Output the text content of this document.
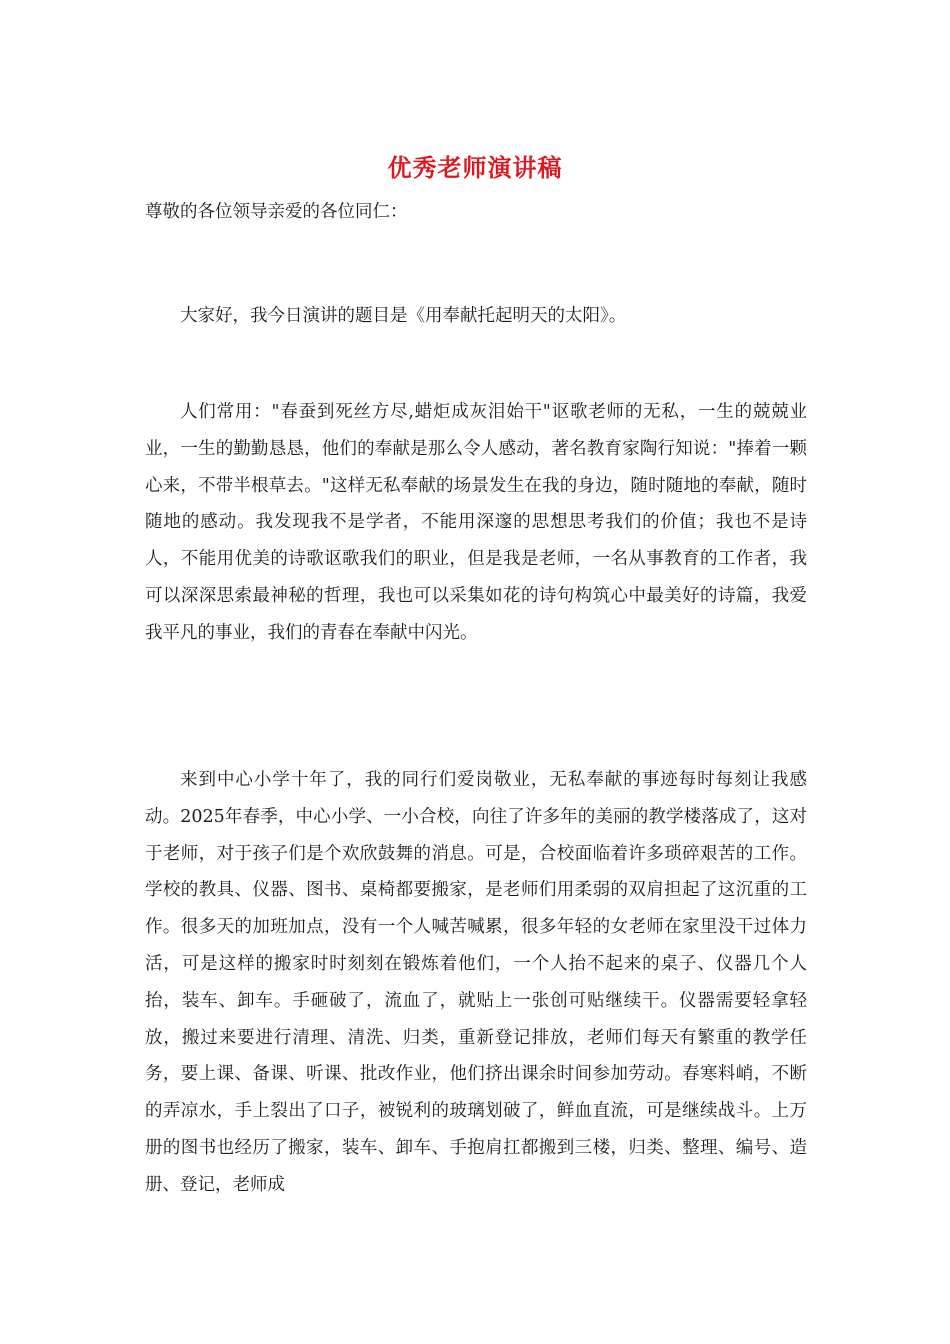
优秀老师演讲稿
尊敬的各位领导亲爱的各位同仁：

大家好，我今日演讲的题目是《用奉献托起明天的太阳》。

人们常用："春蚕到死丝方尽,蜡炬成灰泪始干"讴歌老师的无私，一生的兢兢业业，一生的勤勤恳恳，他们的奉献是那么令人感动，著名教育家陶行知说："捧着一颗心来，不带半根草去。"这样无私奉献的场景发生在我的身边，随时随地的奉献，随时随地的感动。我发现我不是学者，不能用深邃的思想思考我们的价值；我也不是诗人，不能用优美的诗歌讴歌我们的职业，但是我是老师，一名从事教育的工作者，我可以深深思索最神秘的哲理，我也可以采集如花的诗句构筑心中最美好的诗篇，我爱我平凡的事业，我们的青春在奉献中闪光。

来到中心小学十年了，我的同行们爱岗敬业，无私奉献的事迹每时每刻让我感动。2025年春季，中心小学、一小合校，向往了许多年的美丽的教学楼落成了，这对于老师，对于孩子们是个欢欣鼓舞的消息。可是，合校面临着许多琐碎艰苦的工作。学校的教具、仪器、图书、桌椅都要搬家，是老师们用柔弱的双肩担起了这沉重的工作。很多天的加班加点，没有一个人喊苦喊累，很多年轻的女老师在家里没干过体力活，可是这样的搬家时时刻刻在锻炼着他们，一个人抬不起来的桌子、仪器几个人抬，装车、卸车。手砸破了，流血了，就贴上一张创可贴继续干。仪器需要轻拿轻放，搬过来要进行清理、清洗、归类，重新登记排放，老师们每天有繁重的教学任务，要上课、备课、听课、批改作业，他们挤出课余时间参加劳动。春寒料峭，不断的弄凉水，手上裂出了口子，被锐利的玻璃划破了，鲜血直流，可是继续战斗。上万册的图书也经历了搬家，装车、卸车、手抱肩扛都搬到三楼，归类、整理、编号、造册、登记，老师成
